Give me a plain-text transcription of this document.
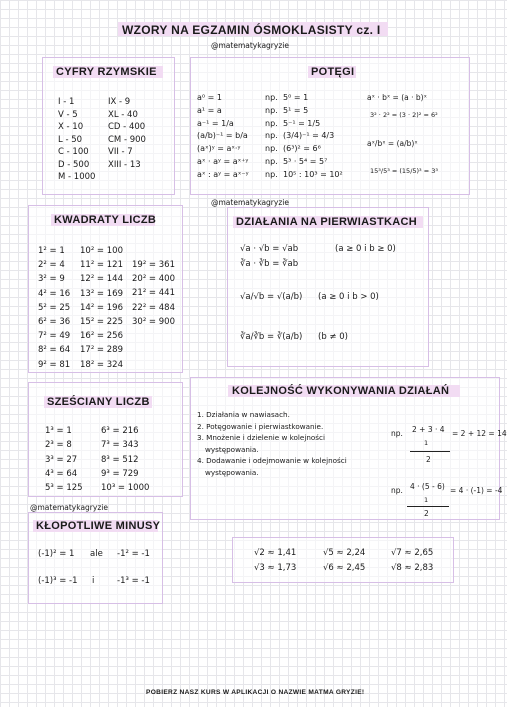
WZORY NA EGZAMIN ÓSMOKLASISTY cz. I
@matematykagryzie
CYFRY RZYMSKIE
I - 1
V - 5
X - 10
L - 50
C - 100
D - 500
M - 1000
IX - 9
XL - 40
CD - 400
CM - 900
VII - 7
XIII - 13
POTĘGI
a⁰ = 1
a¹ = a
a⁻¹ = 1/a
(a/b)⁻¹ = b/a
(aˣ)ʸ = aˣ·ʸ
aˣ · aʸ = aˣ⁺ʸ
aˣ : aʸ = aˣ⁻ʸ
np.
np.
np.
np.
np.
np.
np.
5⁰ = 1
5¹ = 5
5⁻¹ = 1/5
(3/4)⁻¹ = 4/3
(6³)² = 6⁶
5³ · 5⁴ = 5⁷
10⁵ : 10³ = 10²
aˣ · bˣ = (a · b)ˣ
3² · 2² = (3 · 2)² = 6²
aˣ/bˣ = (a/b)ˣ
15³/5³ = (15/5)³ = 3³
@matematykagryzie
KWADRATY LICZB
1² = 1
2² = 4
3² = 9
4² = 16
5² = 25
6² = 36
7² = 49
8² = 64
9² = 81
10² = 100
11² = 121
12² = 144
13² = 169
14² = 196
15² = 225
16² = 256
17² = 289
18² = 324
19² = 361
20² = 400
21² = 441
22² = 484
30² = 900
DZIAŁANIA NA PIERWIASTKACH
√a · √b = √ab
∛a · ∛b = ∛ab
(a ≥ 0 i b ≥ 0)
√a/√b = √(a/b) (a ≥ 0 i b > 0)
∛a/∛b = ∛(a/b) (b ≠ 0)
KOLEJNOŚĆ WYKONYWANIA DZIAŁAŃ
1. Działania w nawiasach.
2. Potęgowanie i pierwiastkowanie.
3. Mnożenie i dzielenie w kolejności
występowania.
4. Dodawanie i odejmowanie w kolejności
występowania.
np. 2 + 3 · 4 = 2 + 12 = 14
1
2
np. 4 · (5 - 6) = 4 · (-1) = -4
1
2
SZEŚCIANY LICZB
1³ = 1
2³ = 8
3³ = 27
4³ = 64
5³ = 125
6³ = 216
7³ = 343
8³ = 512
9³ = 729
10³ = 1000
@matematykagryzie
KŁOPOTLIWE MINUSY
(-1)² = 1 ale -1² = -1
(-1)³ = -1 i	-1³ = -1
√2 ≈ 1,41
√3 ≈ 1,73
√5 ≈ 2,24
√6 ≈ 2,45
√7 ≈ 2,65
√8 ≈ 2,83
POBIERZ NASZ KURS W APLIKACJI O NAZWIE MATMA GRYZIE!
